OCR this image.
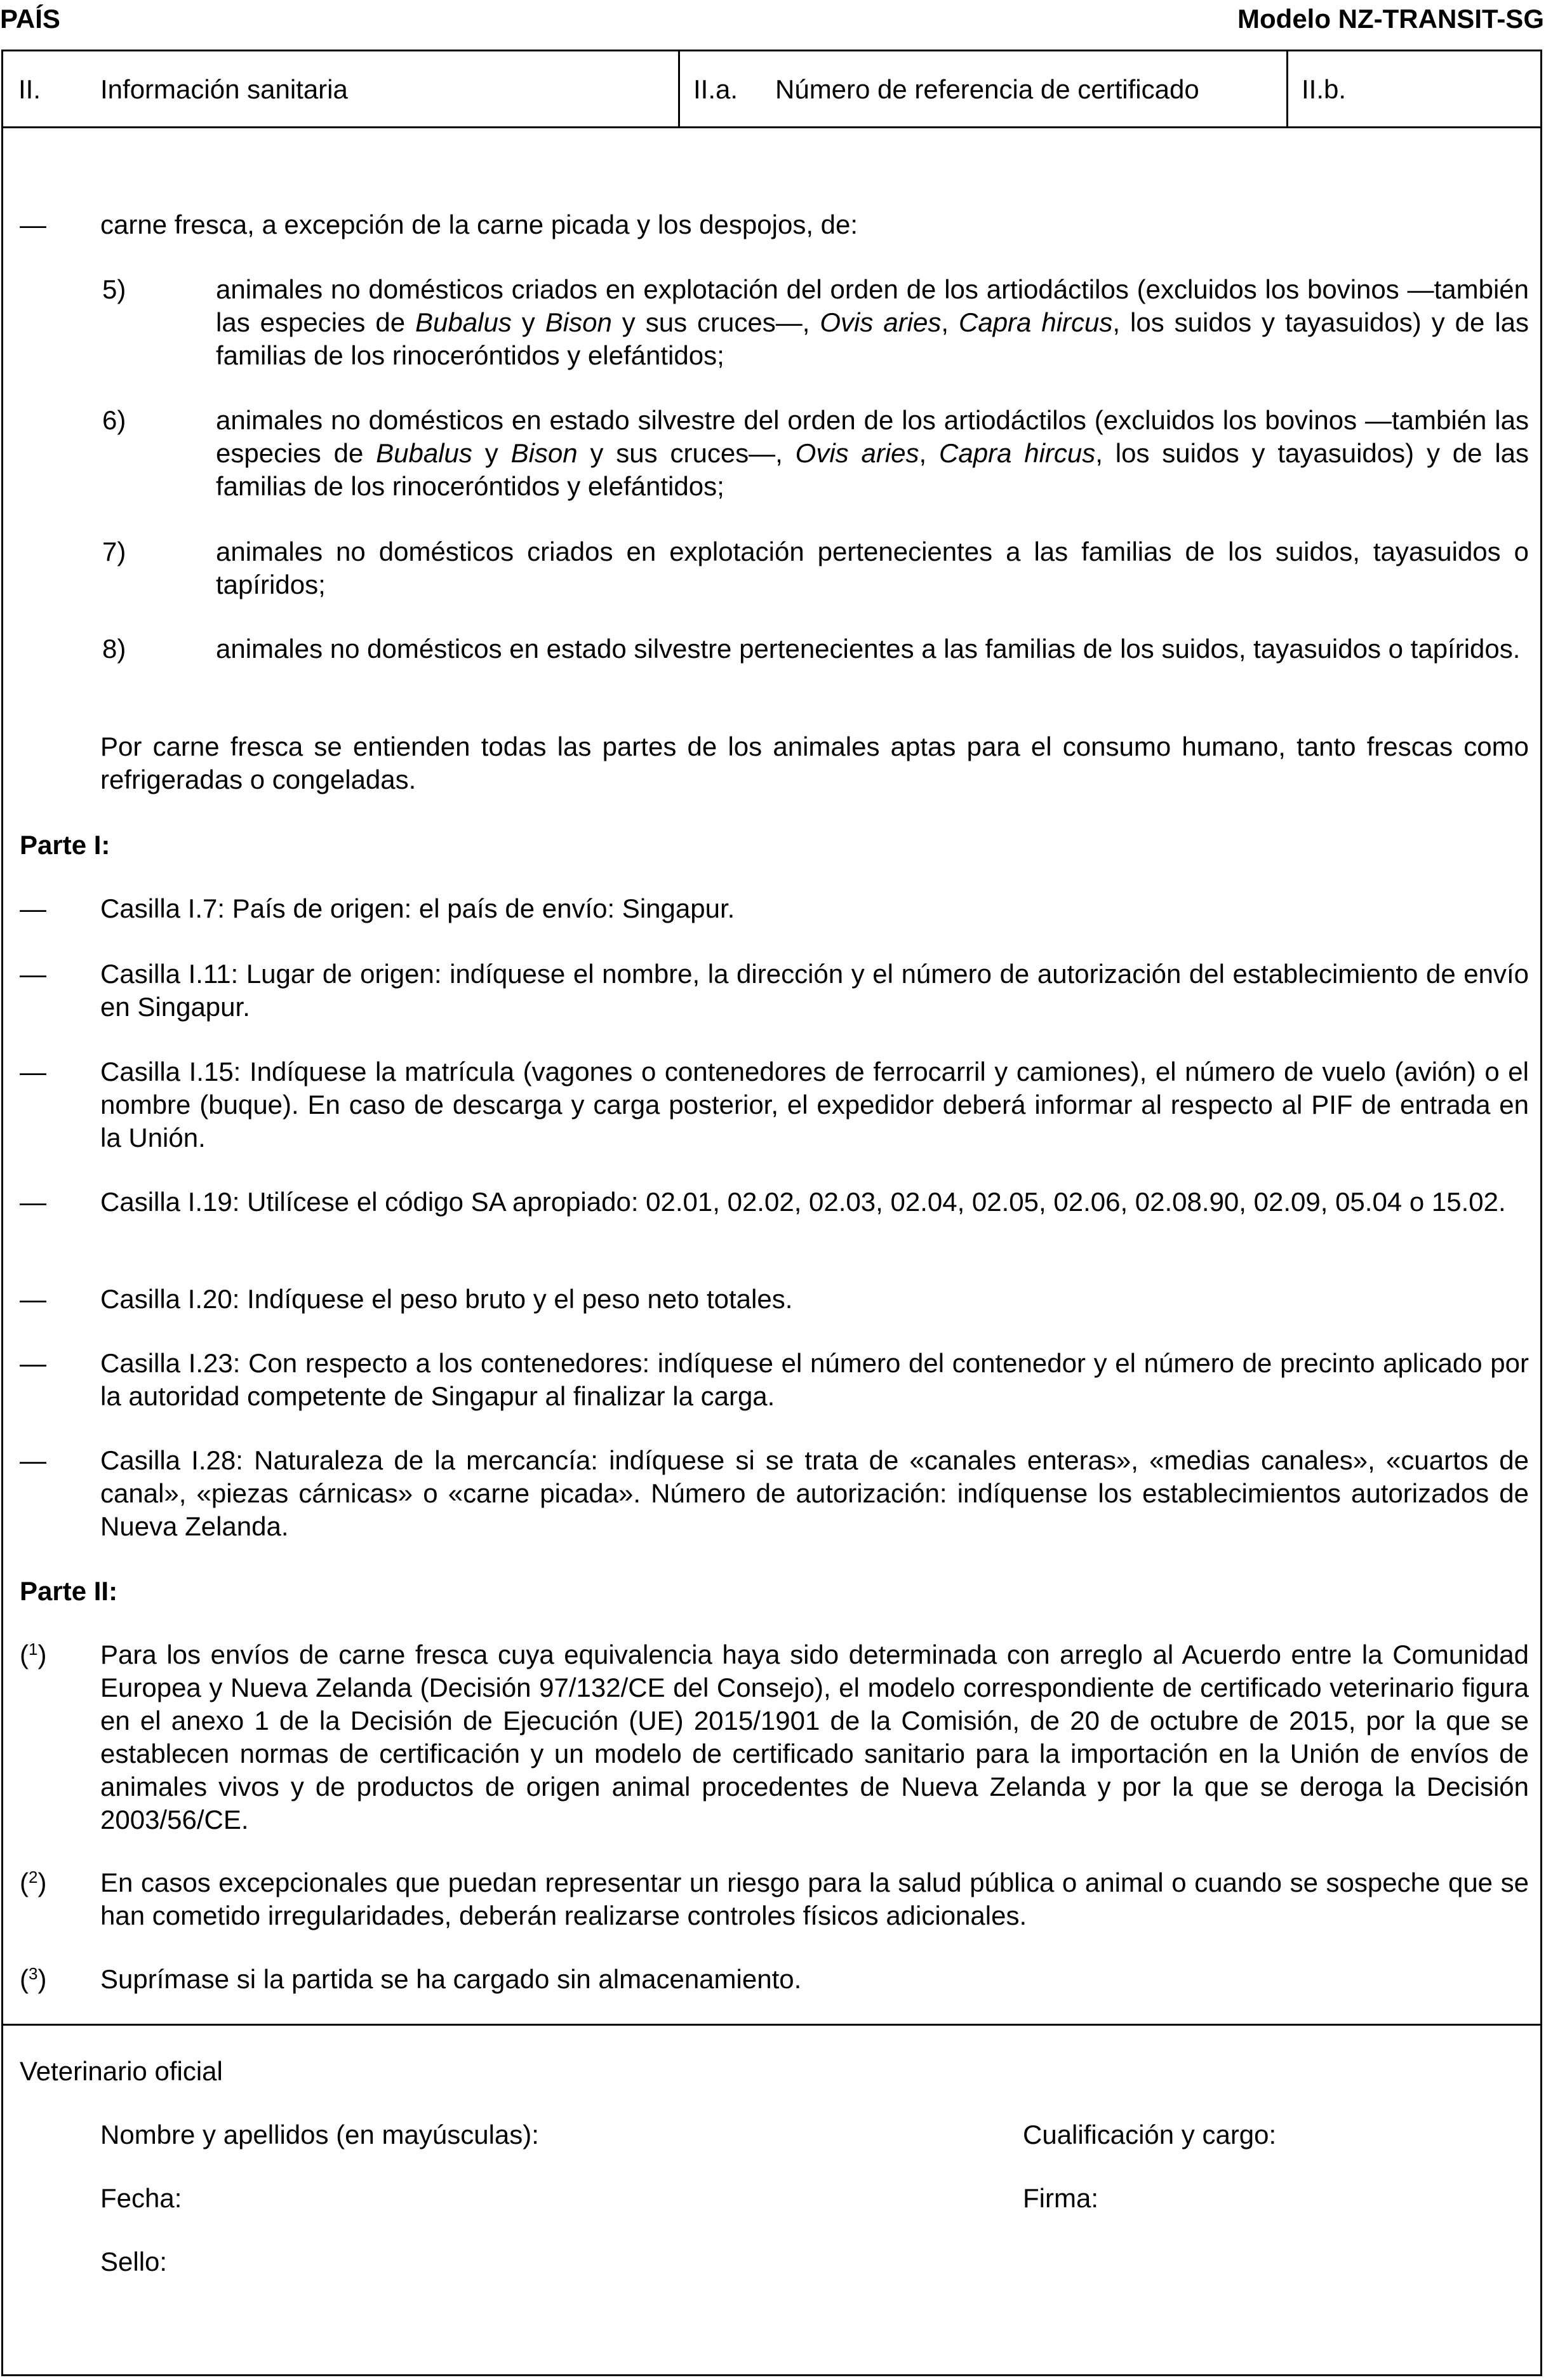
PAÍS	Modelo NZ-TRANSIT-SG
II. Información sanitaria	II.a. Número de referencia de certificado	II.b.
— carne fresca, a excepción de la carne picada y los despojos, de:
5)	animales no domésticos criados en explotación del orden de los artiodáctilos (excluidos los bovinos —también las especies de Bubalus y Bison y sus cruces—, Ovis aries, Capra hircus, los suidos y tayasuidos) y de las familias de los rinoceróntidos y elefántidos;
6)	animales no domésticos en estado silvestre del orden de los artiodáctilos (excluidos los bovinos —también las especies de Bubalus y Bison y sus cruces—, Ovis aries, Capra hircus, los suidos y tayasuidos) y de las familias de los rinoceróntidos y elefántidos;
7)	animales no domésticos criados en explotación pertenecientes a las familias de los suidos, tayasuidos o tapíridos;
8)	animales no domésticos en estado silvestre pertenecientes a las familias de los suidos, tayasuidos o tapíridos.
Por carne fresca se entienden todas las partes de los animales aptas para el consumo humano, tanto frescas como refrigeradas o congeladas.
Parte I:
— Casilla I.7: País de origen: el país de envío: Singapur.
— Casilla I.11: Lugar de origen: indíquese el nombre, la dirección y el número de autorización del establecimiento de envío en Singapur.
— Casilla I.15: Indíquese la matrícula (vagones o contenedores de ferrocarril y camiones), el número de vuelo (avión) o el nombre (buque). En caso de descarga y carga posterior, el expedidor deberá informar al respecto al PIF de entrada en la Unión.
— Casilla I.19: Utilícese el código SA apropiado: 02.01, 02.02, 02.03, 02.04, 02.05, 02.06, 02.08.90, 02.09, 05.04 o 15.02.
— Casilla I.20: Indíquese el peso bruto y el peso neto totales.
— Casilla I.23: Con respecto a los contenedores: indíquese el número del contenedor y el número de precinto aplicado por la autoridad competente de Singapur al finalizar la carga.
— Casilla I.28: Naturaleza de la mercancía: indíquese si se trata de «canales enteras», «medias canales», «cuartos de canal», «piezas cárnicas» o «carne picada». Número de autorización: indíquense los establecimientos autorizados de Nueva Zelanda.
Parte II:
($^1$) Para los envíos de carne fresca cuya equivalencia haya sido determinada con arreglo al Acuerdo entre la Comunidad Europea y Nueva Zelanda (Decisión 97/132/CE del Consejo), el modelo correspondiente de certificado veterinario figura en el anexo 1 de la Decisión de Ejecución (UE) 2015/1901 de la Comisión, de 20 de octubre de 2015, por la que se establecen normas de certificación y un modelo de certificado sanitario para la importación en la Unión de envíos de animales vivos y de productos de origen animal procedentes de Nueva Zelanda y por la que se deroga la Decisión 2003/56/CE.
($^2$) En casos excepcionales que puedan representar un riesgo para la salud pública o animal o cuando se sospeche que se han cometido irregularidades, deberán realizarse controles físicos adicionales.
($^3$) Suprímase si la partida se ha cargado sin almacenamiento.
Veterinario oficial
Nombre y apellidos (en mayúsculas):	Cualificación y cargo:
Fecha:	Firma:
Sello:
